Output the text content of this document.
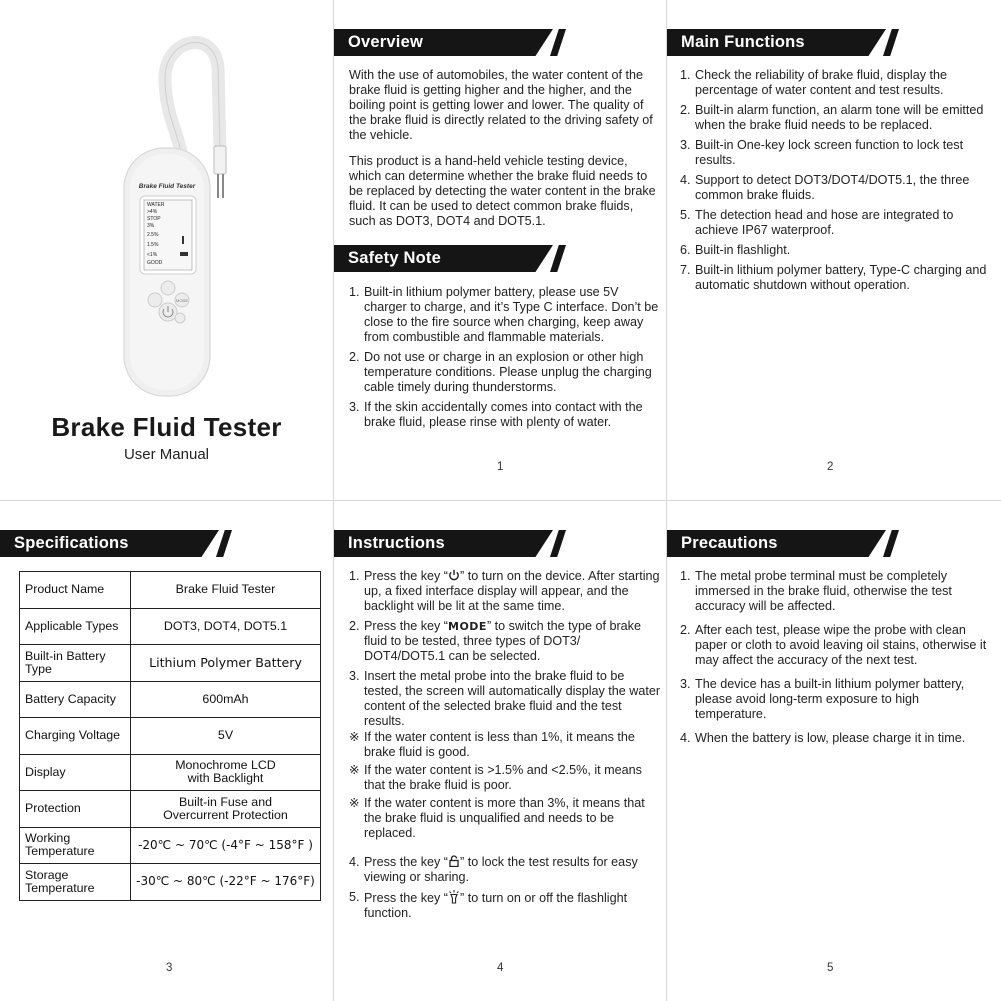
Brake Fluid Tester
WATER
>4%
STOP
3%
2.5%
1.5%
<1%
GOOD
MODE
Brake Fluid Tester
User Manual
Overview

With the use of automobiles, the water content of the brake fluid is getting higher and the higher, and the boiling point is getting lower and lower. The quality of the brake fluid is directly related to the driving safety of the vehicle.

This product is a hand-held vehicle testing device, which can determine whether the brake fluid needs to be replaced by detecting the water content in the brake fluid. It can be used to detect common brake fluids, such as DOT3, DOT4 and DOT5.1.

Safety Note
1. Built-in lithium polymer battery, please use 5V charger to charge, and it’s Type C interface. Don’t be close to the fire source when charging, keep away from combustible and flammable materials.
2. Do not use or charge in an explosion or other high temperature conditions. Please unplug the charging cable timely during thunderstorms.
3. If the skin accidentally comes into contact with the brake fluid, please rinse with plenty of water.
1
Main Functions
1. Check the reliability of brake fluid, display the percentage of water content and test results.
2. Built-in alarm function, an alarm tone will be emitted when the brake fluid needs to be replaced.
3. Built-in One-key lock screen function to lock test results.
4. Support to detect DOT3/DOT4/DOT5.1, the three common brake fluids.
5. The detection head and hose are integrated to achieve IP67 waterproof.
6. Built-in flashlight.
7. Built-in lithium polymer battery, Type-C charging and automatic shutdown without operation.
2
Specifications
3
Product Name	Brake Fluid Tester
Applicable Types	DOT3, DOT4, DOT5.1
Built-in Battery Type	Lithium Polymer Battery
Battery Capacity	600mAh
Charging Voltage	5V
Display	Monochrome LCD
with Backlight
Protection	Built-in Fuse and
Overcurrent Protection
Working Temperature	-20℃ ~ 70℃ (-4°F ~ 158°F )
Storage Temperature	-30℃ ~ 80℃ (-22°F ~ 176°F)
Instructions
1. Press the key “ ” to turn on the device. After starting up, a fixed interface display will appear, and the backlight will be lit at the same time.
2. Press the key “MODE” to switch the type of brake fluid to be tested, three types of DOT3/ DOT4/DOT5.1 can be selected.
3. Insert the metal probe into the brake fluid to be tested, the screen will automatically display the water content of the selected brake fluid and the test results.
※ If the water content is less than 1%, it means the brake fluid is good.
※ If the water content is >1.5% and <2.5%, it means that the brake fluid is poor.
※ If the water content is more than 3%, it means that the brake fluid is unqualified and needs to be replaced.
4. Press the key “ ” to lock the test results for easy viewing or sharing.
5. Press the key “ ” to turn on or off the flashlight function.
4
Precautions
1. The metal probe terminal must be completely immersed in the brake fluid, otherwise the test accuracy will be affected.
2. After each test, please wipe the probe with clean paper or cloth to avoid leaving oil stains, otherwise it may affect the accuracy of the next test.
3. The device has a built-in lithium polymer battery, please avoid long-term exposure to high temperature.
4. When the battery is low, please charge it in time.
5
